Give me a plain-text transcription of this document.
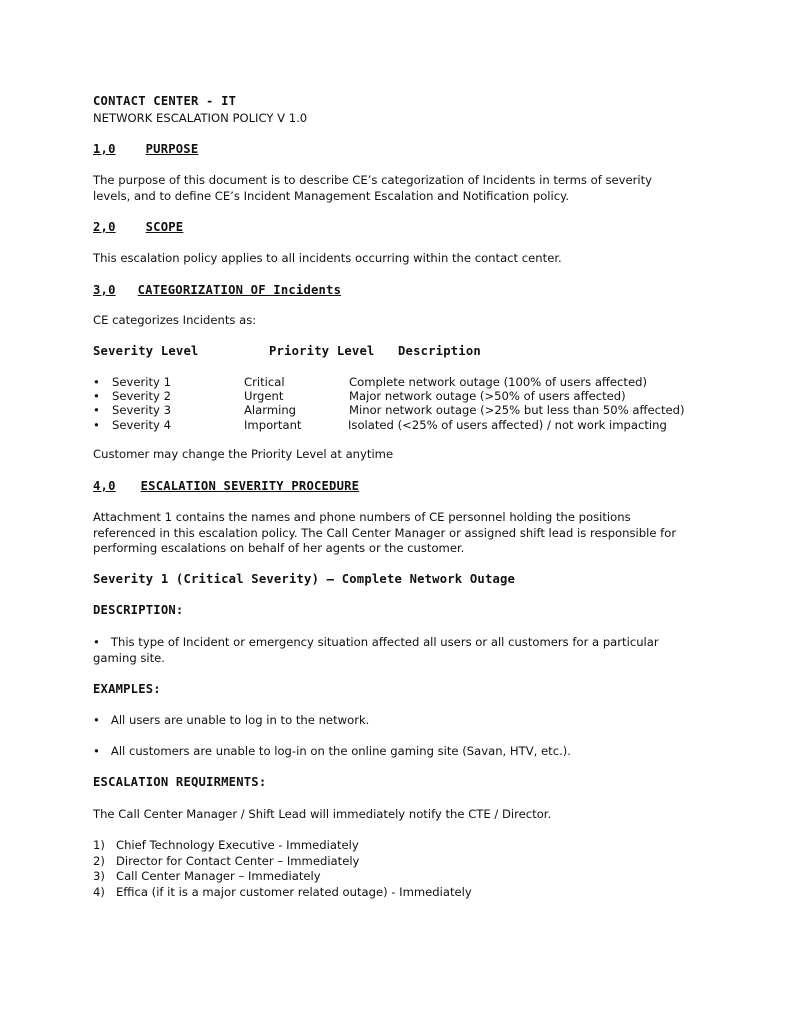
CONTACT CENTER - IT
NETWORK ESCALATION POLICY V 1.0
1,0 PURPOSE
The purpose of this document is to describe CE’s categorization of Incidents in terms of severity levels, and to define CE’s Incident Management Escalation and Notification policy.
2,0 SCOPE
This escalation policy applies to all incidents occurring within the contact center.
3,0 CATEGORIZATION OF Incidents
CE categorizes Incidents as:
Severity Level	Priority Level Description
• Severity 1	Critical	Complete network outage (100% of users affected)
• Severity 2	Urgent	Major network outage (>50% of users affected)
• Severity 3	Alarming	Minor network outage (>25% but less than 50% affected)
• Severity 4	Important	Isolated (<25% of users affected) / not work impacting
Customer may change the Priority Level at anytime
4,0 ESCALATION SEVERITY PROCEDURE
Attachment 1 contains the names and phone numbers of CE personnel holding the positions referenced in this escalation policy. The Call Center Manager or assigned shift lead is responsible for performing escalations on behalf of her agents or the customer.
Severity 1 (Critical Severity) – Complete Network Outage
DESCRIPTION:
• This type of Incident or emergency situation affected all users or all customers for a particular gaming site.
EXAMPLES:
• All users are unable to log in to the network.
• All customers are unable to log-in on the online gaming site (Savan, HTV, etc.).
ESCALATION REQUIRMENTS:
The Call Center Manager / Shift Lead will immediately notify the CTE / Director.
1) Chief Technology Executive - Immediately
2) Director for Contact Center – Immediately
3) Call Center Manager – Immediately
4) Effica (if it is a major customer related outage) - Immediately
